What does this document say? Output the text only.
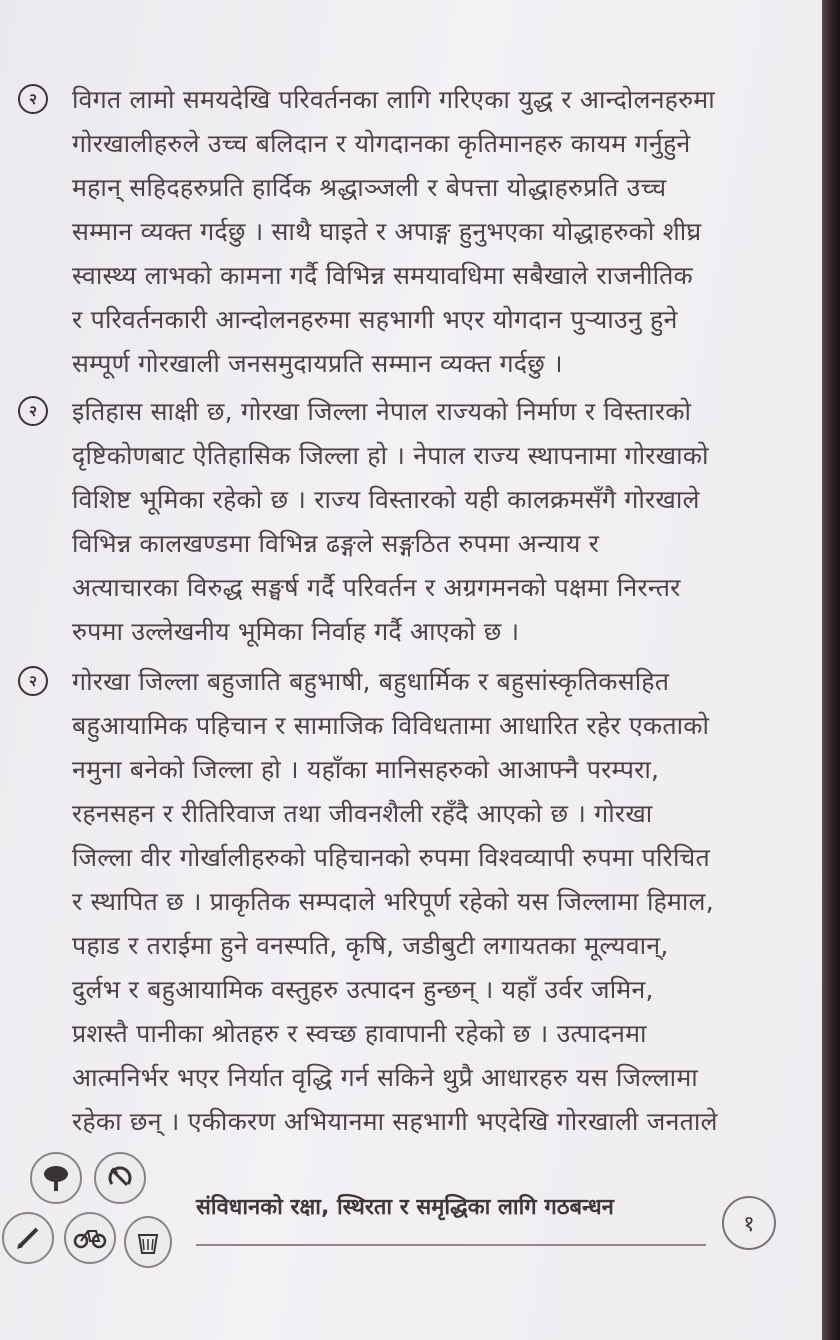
२	विगत लामो समयदेखि परिवर्तनका लागि गरिएका युद्ध र आन्दोलनहरुमा
गोरखालीहरुले उच्च बलिदान र योगदानका कृतिमानहरु कायम गर्नुहुने
महान् सहिदहरुप्रति हार्दिक श्रद्धाञ्जली र बेपत्ता योद्धाहरुप्रति उच्च
सम्मान व्यक्त गर्दछु । साथै घाइते र अपाङ्ग हुनुभएका योद्धाहरुको शीघ्र
स्वास्थ्य लाभको कामना गर्दै विभिन्न समयावधिमा सबैखाले राजनीतिक
र परिवर्तनकारी आन्दोलनहरुमा सहभागी भएर योगदान पुर्‍याउनु हुने
सम्पूर्ण गोरखाली जनसमुदायप्रति सम्मान व्यक्त गर्दछु ।
२	इतिहास साक्षी छ, गोरखा जिल्ला नेपाल राज्यको निर्माण र विस्तारको
दृष्टिकोणबाट ऐतिहासिक जिल्ला हो । नेपाल राज्य स्थापनामा गोरखाको
विशिष्ट भूमिका रहेको छ । राज्य विस्तारको यही कालक्रमसँगै गोरखाले
विभिन्न कालखण्डमा विभिन्न ढङ्गले सङ्गठित रुपमा अन्याय र
अत्याचारका विरुद्ध सङ्घर्ष गर्दै परिवर्तन र अग्रगमनको पक्षमा निरन्तर
रुपमा उल्लेखनीय भूमिका निर्वाह गर्दै आएको छ ।
२	गोरखा जिल्ला बहुजाति बहुभाषी, बहुधार्मिक र बहुसांस्कृतिकसहित
बहुआयामिक पहिचान र सामाजिक विविधतामा आधारित रहेर एकताको
नमुना बनेको जिल्ला हो । यहाँका मानिसहरुको आआफ्नै परम्परा,
रहनसहन र रीतिरिवाज तथा जीवनशैली रहँदै आएको छ । गोरखा
जिल्ला वीर गोर्खालीहरुको पहिचानको रुपमा विश्वव्यापी रुपमा परिचित
र स्थापित छ । प्राकृतिक सम्पदाले भरिपूर्ण रहेको यस जिल्लामा हिमाल,
पहाड र तराईमा हुने वनस्पति, कृषि, जडीबुटी लगायतका मूल्यवान्,
दुर्लभ र बहुआयामिक वस्तुहरु उत्पादन हुन्छन् । यहाँ उर्वर जमिन,
प्रशस्तै पानीका श्रोतहरु र स्वच्छ हावापानी रहेको छ । उत्पादनमा
आत्मनिर्भर भएर निर्यात वृद्धि गर्न सकिने थुप्रै आधारहरु यस जिल्लामा
रहेका छन् । एकीकरण अभियानमा सहभागी भएदेखि गोरखाली जनताले
संविधानको रक्षा, स्थिरता र समृद्धिका लागि गठबन्धन
१
